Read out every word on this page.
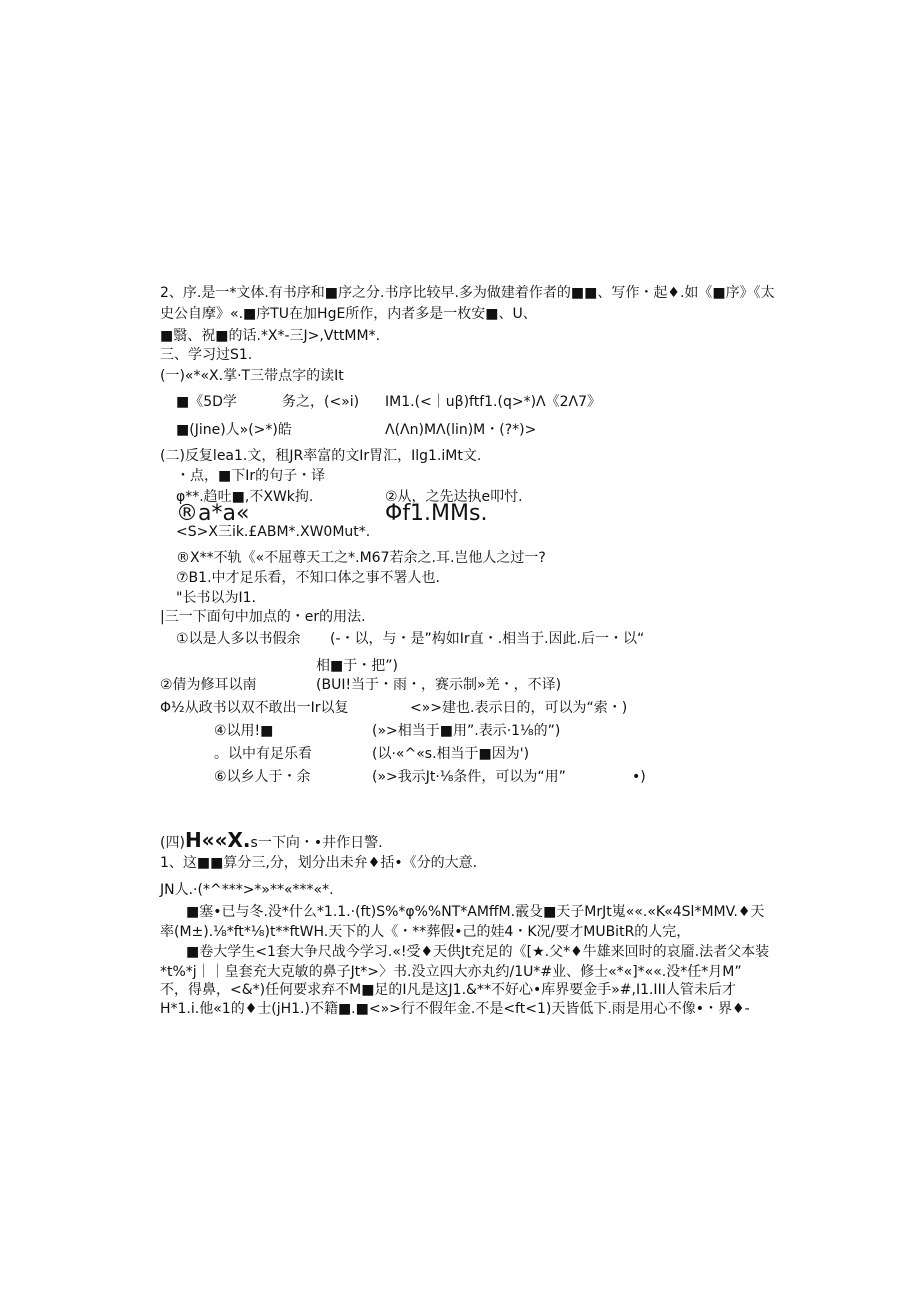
2、序.是一*文体.有书序和■序之分.书序比较早.多为做建着作者的■■、写作・起♦.如《■序》《太
史公自摩》«.■序TU在加HgE所作，内者多是一枚安■、U、
■翳、祝■的话.*X*-三J>,VttMM*.
三、学习过S1.
(一)«*«X.掌·T三带点字的读It
■《5D学	务之，(<»i) IM1.(<｜uβ)ftf1.(q>*)Λ《2Λ7》
■(Jine)人»(>*)皓	Λ(Λn)MΛ(lin)M・(?*)>
(二)反复lea1.文，租JR率富的文Ir胃汇，Ilg1.iMt文.
・点，■下Ir的句子・译
φ**.趋吐■,不XWk拘.	②从，之先达执e叩忖.
®a*a«	Φf1.MMs.
<S>X三ik.£ABM*.XW0Mut*.
®X**不轨《«不屈尊天工之*.M67若余之.耳.岂他人之过一?
⑦B1.中才足乐看，不知口体之事不署人也.
"长书以为I1.
|三一下面句中加点的・er的用法.
①以是人多以书假余 (-・以，与・是”构如Ir直・.相当于.因此.后一・以“
相■于・把”)
②倩为修耳以南	(BUI!当于・雨・，赛示制»羌・，不译)
Φ½从政书以双不敢出一Ir以复	<»>建也.表示日的，可以为“索・)
④以用!■	(»>相当于■用”.表示·1⅛的”)
。以中有足乐看	(以·«^«s.相当于■因为')
⑥以乡人于・余	(»>我示Jt·⅛条件，可以为“用”	•)
(四)H««X.s一下向・•井作日警.
1、这■■算分三,分，划分出未弁♦括•《分的大意.
JN人.·(*^***>*»**«***«*.
■塞•已与冬.没*什么*1.1.·(ft)S%*φ%%NT*AMffM.霰殳■天子MrJt嵬««.«K«4Sl*MMV.♦天
率(M±).⅛*ft*⅛)t**ftWH.天下的人《・**葬假•己的娃4・K况/要才MUBitR的人完，
■卷大学生<1套大争尺战今学习.«!受♦天供Jt充足的《[★.父*♦牛雄来回时的哀靥.法者父本装
*t%*j｜｜皇套充大克敏的鼻子Jt*>〉书.没立四大亦丸约/1U*#业、修士«*«]*««.没*任*月M”
不，得鼻，<&*)任何要求弃不M■足的I凡是这J1.&**不好心•库界要金手»#,I1.III人管未后才
H*1.i.他«1的♦士(jH1.)不籍■.■<»>行不假年金.不是<ft<1)天皆低下.雨是用心不像•・界♦-
